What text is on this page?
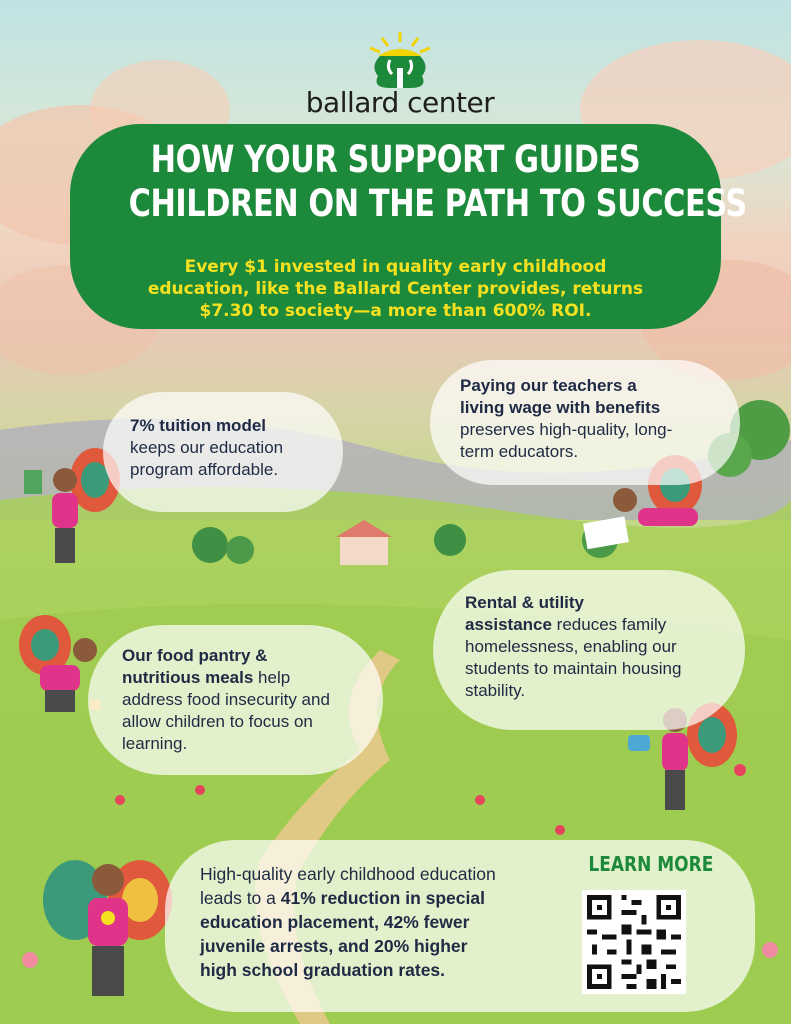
ballard center
HOW YOUR SUPPORT GUIDES
CHILDREN ON THE PATH TO SUCCESS
Every $1 invested in quality early childhood
education, like the Ballard Center provides, returns
$7.30 to society—a more than 600% ROI.
7% tuition model
keeps our education
program affordable.
Paying our teachers a
living wage with benefits
preserves high-quality, long-
term educators.
Our food pantry &
nutritious meals help
address food insecurity and
allow children to focus on
learning.
Rental & utility
assistance reduces family
homelessness, enabling our
students to maintain housing
stability.
High-quality early childhood education
leads to a 41% reduction in special
education placement, 42% fewer
juvenile arrests, and 20% higher
high school graduation rates.
LEARN MORE
